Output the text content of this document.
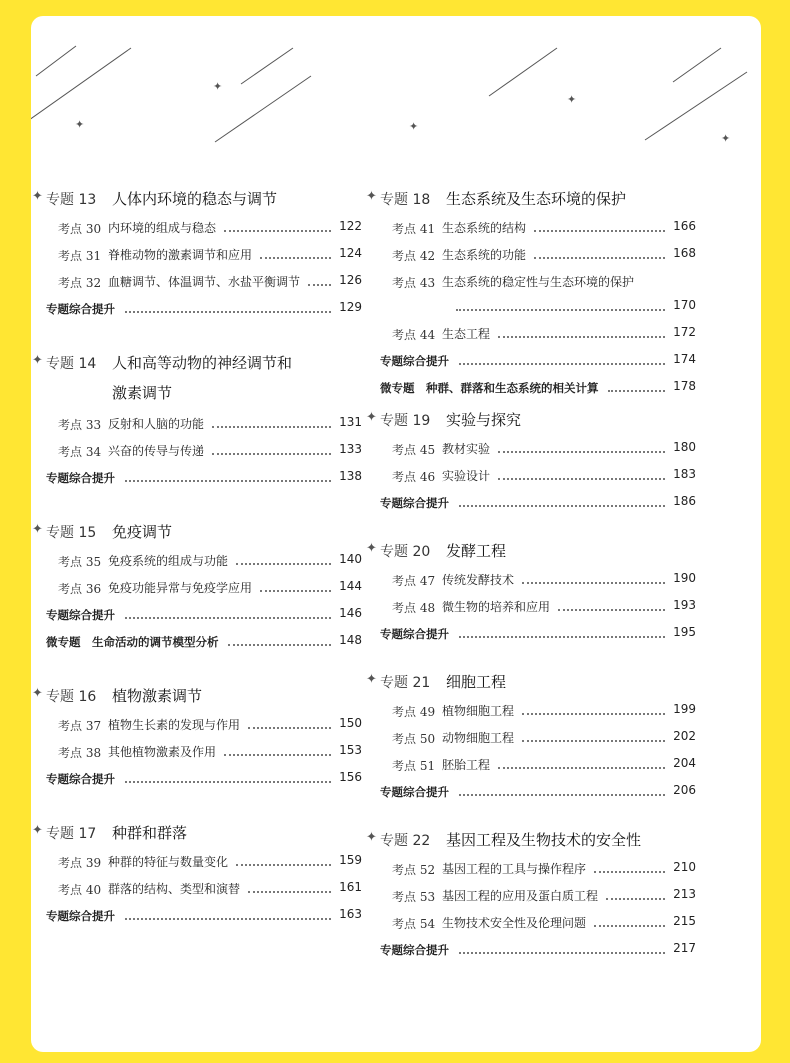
✦
✦
✦
✦
✦
✦ 专题 13 人体内环境的稳态与调节
考点 30 内环境的组成与稳态	122
考点 31 脊椎动物的激素调节和应用	124
考点 32 血糖调节、体温调节、水盐平衡调节	126
专题综合提升	129
✦ 专题 14 人和高等动物的神经调节和
激素调节
考点 33 反射和人脑的功能	131
考点 34 兴奋的传导与传递	133
专题综合提升	138
✦ 专题 15 免疫调节
考点 35 免疫系统的组成与功能	140
考点 36 免疫功能异常与免疫学应用	144
专题综合提升	146
微专题　生命活动的调节模型分析	148
✦ 专题 16 植物激素调节
考点 37 植物生长素的发现与作用	150
考点 38 其他植物激素及作用	153
专题综合提升	156
✦ 专题 17 种群和群落
考点 39 种群的特征与数量变化	159
考点 40 群落的结构、类型和演替	161
专题综合提升	163
✦ 专题 18 生态系统及生态环境的保护
考点 41 生态系统的结构	166
考点 42 生态系统的功能	168
考点 43 生态系统的稳定性与生态环境的保护
170
考点 44 生态工程	172
专题综合提升	174
微专题　种群、群落和生态系统的相关计算	178
✦ 专题 19 实验与探究
考点 45 教材实验	180
考点 46 实验设计	183
专题综合提升	186
✦ 专题 20 发酵工程
考点 47 传统发酵技术	190
考点 48 微生物的培养和应用	193
专题综合提升	195
✦ 专题 21 细胞工程
考点 49 植物细胞工程	199
考点 50 动物细胞工程	202
考点 51 胚胎工程	204
专题综合提升	206
✦ 专题 22 基因工程及生物技术的安全性
考点 52 基因工程的工具与操作程序	210
考点 53 基因工程的应用及蛋白质工程	213
考点 54 生物技术安全性及伦理问题	215
专题综合提升	217
